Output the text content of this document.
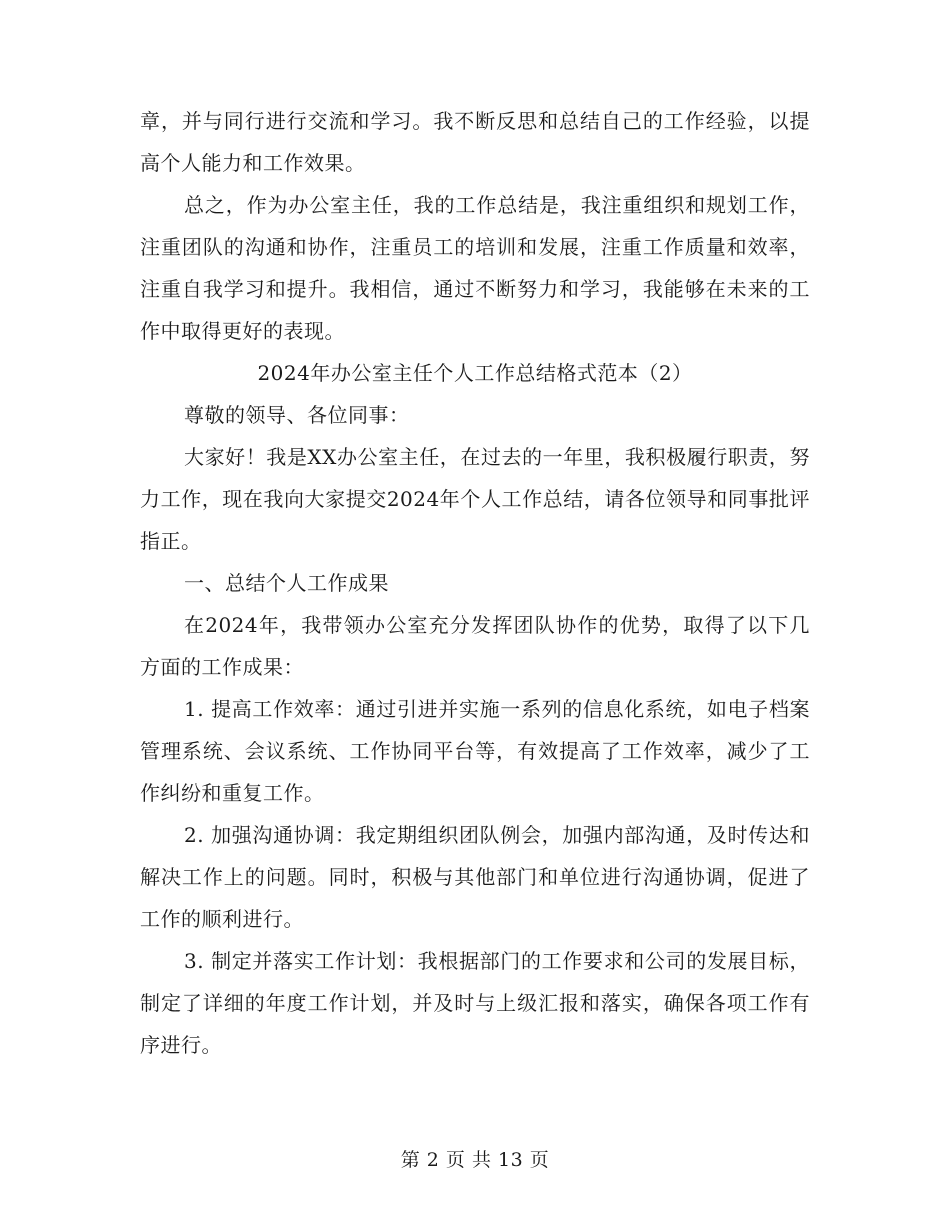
章，并与同行进行交流和学习。我不断反思和总结自己的工作经验，以提高个人能力和工作效果。

总之，作为办公室主任，我的工作总结是，我注重组织和规划工作，注重团队的沟通和协作，注重员工的培训和发展，注重工作质量和效率，注重自我学习和提升。我相信，通过不断努力和学习，我能够在未来的工作中取得更好的表现。

2024年办公室主任个人工作总结格式范本（2）

尊敬的领导、各位同事：

大家好！我是XX办公室主任，在过去的一年里，我积极履行职责，努力工作，现在我向大家提交2024年个人工作总结，请各位领导和同事批评指正。

一、总结个人工作成果

在2024年，我带领办公室充分发挥团队协作的优势，取得了以下几方面的工作成果：

1. 提高工作效率：通过引进并实施一系列的信息化系统，如电子档案管理系统、会议系统、工作协同平台等，有效提高了工作效率，减少了工作纠纷和重复工作。

2. 加强沟通协调：我定期组织团队例会，加强内部沟通，及时传达和解决工作上的问题。同时，积极与其他部门和单位进行沟通协调，促进了工作的顺利进行。

3. 制定并落实工作计划：我根据部门的工作要求和公司的发展目标，制定了详细的年度工作计划，并及时与上级汇报和落实，确保各项工作有序进行。

第 2 页 共 13 页
